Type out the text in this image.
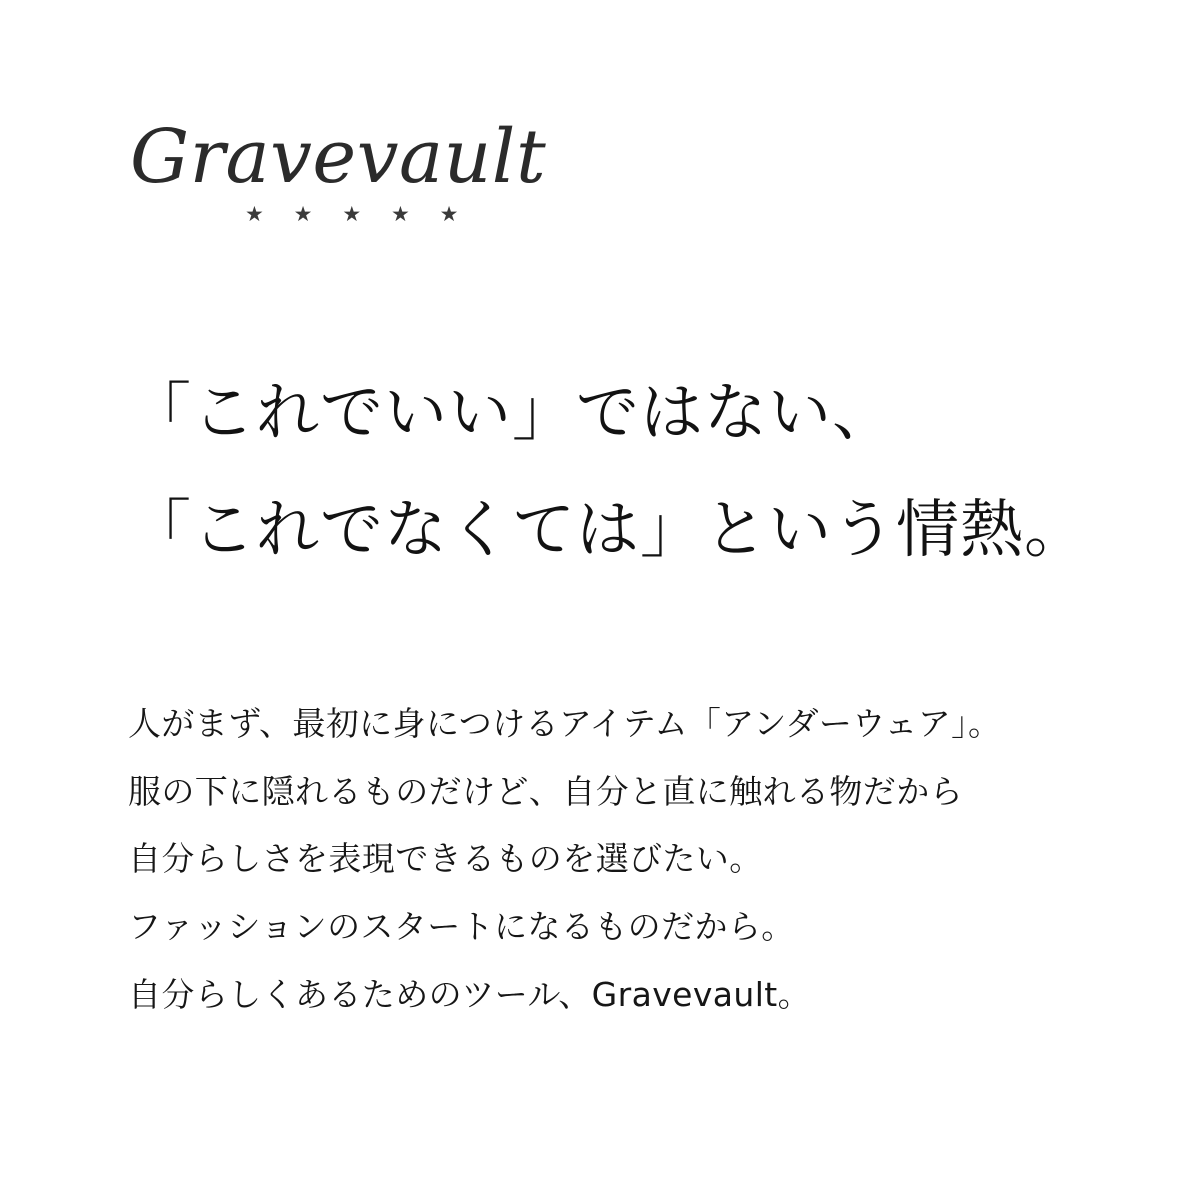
Gravevault
★ ★ ★ ★ ★
「これでいい」ではない、
「これでなくては」という情熱。
人がまず、最初に身につけるアイテム「アンダーウェア」。
服の下に隠れるものだけど、自分と直に触れる物だから
自分らしさを表現できるものを選びたい。
ファッションのスタートになるものだから。
自分らしくあるためのツール、Gravevault。
